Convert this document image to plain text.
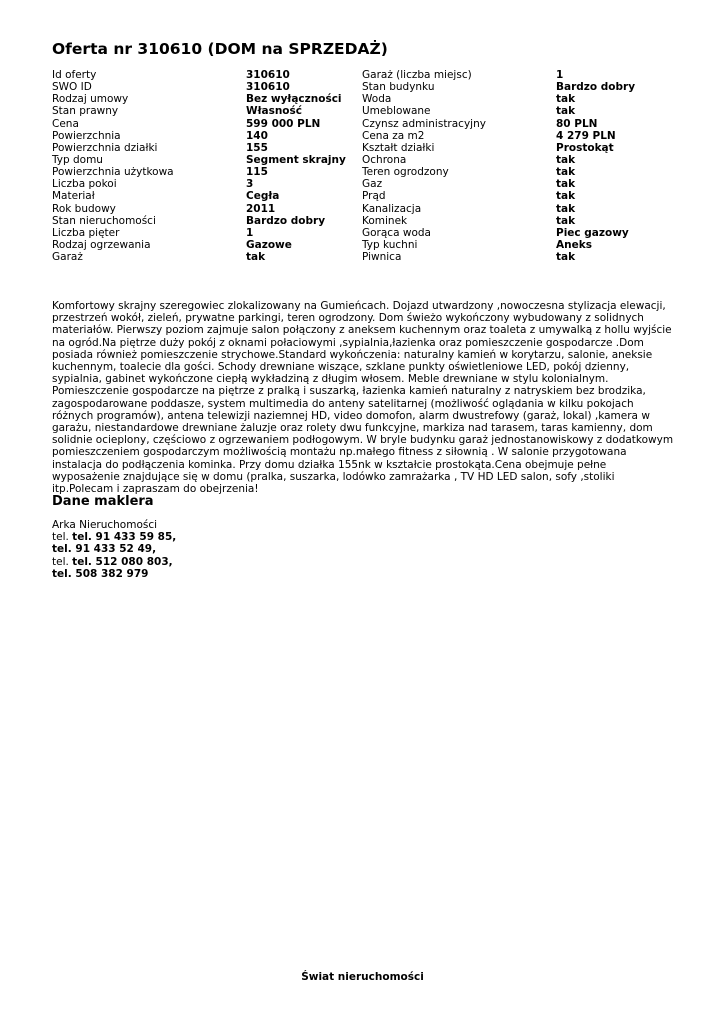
Oferta nr 310610 (DOM na SPRZEDAŻ)
Id oferty
SWO ID
Rodzaj umowy
Stan prawny
Cena
Powierzchnia
Powierzchnia działki
Typ domu
Powierzchnia użytkowa
Liczba pokoi
Materiał
Rok budowy
Stan nieruchomości
Liczba pięter
Rodzaj ogrzewania
Garaż
310610
310610
Bez wyłączności
Własność
599 000 PLN
140
155
Segment skrajny
115
3
Cegła
2011
Bardzo dobry
1
Gazowe
tak
Garaż (liczba miejsc)
Stan budynku
Woda
Umeblowane
Czynsz administracyjny
Cena za m2
Kształt działki
Ochrona
Teren ogrodzony
Gaz
Prąd
Kanalizacja
Kominek
Gorąca woda
Typ kuchni
Piwnica
1
Bardzo dobry
tak
tak
80 PLN
4 279 PLN
Prostokąt
tak
tak
tak
tak
tak
tak
Piec gazowy
Aneks
tak

Komfortowy skrajny szeregowiec zlokalizowany na Gumieńcach. Dojazd utwardzony ,nowoczesna stylizacja elewacji, przestrzeń wokół, zieleń, prywatne parkingi, teren ogrodzony. Dom świeżo wykończony wybudowany z solidnych materiałów. Pierwszy poziom zajmuje salon połączony z aneksem kuchennym oraz toaleta z umywalką z hollu wyjście na ogród.Na piętrze duży pokój z oknami połaciowymi ,sypialnia,łazienka oraz pomieszczenie gospodarcze .Dom posiada również pomieszczenie strychowe.Standard wykończenia: naturalny kamień w korytarzu, salonie, aneksie kuchennym, toalecie dla gości. Schody drewniane wiszące, szklane punkty oświetleniowe LED, pokój dzienny, sypialnia, gabinet wykończone ciepłą wykładziną z długim włosem. Meble drewniane w stylu kolonialnym. Pomieszczenie gospodarcze na piętrze z pralką i suszarką, łazienka kamień naturalny z natryskiem bez brodzika, zagospodarowane poddasze, system multimedia do anteny satelitarnej (możliwość oglądania w kilku pokojach różnych programów), antena telewizji naziemnej HD, video domofon, alarm dwustrefowy (garaż, lokal) ,kamera w garażu, niestandardowe drewniane żaluzje oraz rolety dwu funkcyjne, markiza nad tarasem, taras kamienny, dom solidnie ocieplony, częściowo z ogrzewaniem podłogowym. W bryle budynku garaż jednostanowiskowy z dodatkowym pomieszczeniem gospodarczym możliwością montażu np.małego fitness z siłownią . W salonie przygotowana instalacja do podłączenia kominka. Przy domu działka 155nk w kształcie prostokąta.Cena obejmuje pełne wyposażenie znajdujące się w domu (pralka, suszarka, lodówko zamrażarka , TV HD LED salon, sofy ,stoliki itp.Polecam i zapraszam do obejrzenia!

Dane maklera
Arka Nieruchomości
tel. tel. 91 433 59 85,
tel. 91 433 52 49,
tel. tel. 512 080 803,
tel. 508 382 979
Świat nieruchomości
